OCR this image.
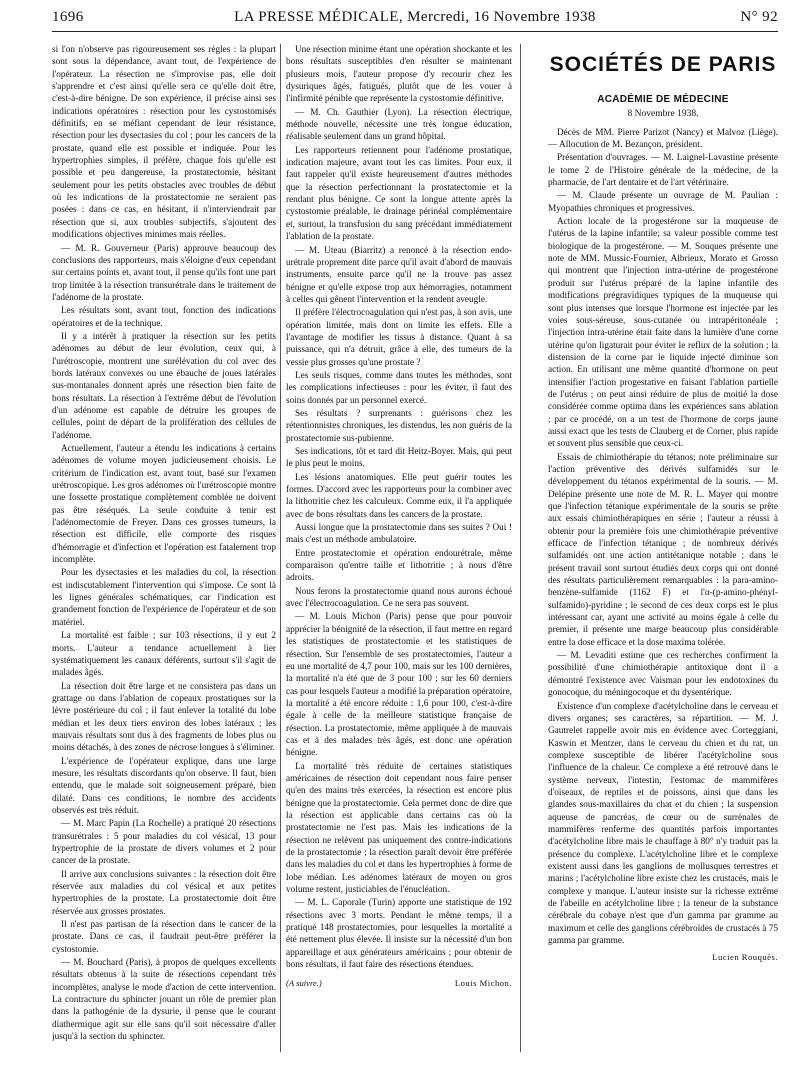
1696	LA PRESSE MÉDICALE, Mercredi, 16 Novembre 1938	N° 92

si l'on n'observe pas rigoureusement ses règles : la plupart sont sous la dépendance, avant tout, de l'expérience de l'opérateur. La résection ne s'improvise pas, elle doit s'apprendre et c'est ainsi qu'elle sera ce qu'elle doit être, c'est-à-dire bénigne. De son expérience, il précise ainsi ses indications opératoires : résection pour les cystostomisés définitifs, en se méfiant cependant de leur résistance, résection pour les dysectasies du col ; pour les cancers de la prostate, quand elle est possible et indiquée. Pour les hypertrophies simples, il préfère, chaque fois qu'elle est possible et peu dangereuse, la prostatectomie, hésitant seulement pour les petits obstacles avec troubles de début où les indications de la prostatectomie ne seraient pas posées : dans ce cas, en hésitant, il n'interviendrait par résection que si, aux troubles subjectifs, s'ajoutent des modifications objectives minimes mais réelles.

— M. R. Gouverneur (Paris) approuve beaucoup des conclusions des rapporteurs, mais s'éloigne d'eux cependant sur certains points et, avant tout, il pense qu'ils font une part trop limitée à la résection transurétrale dans le traitement de l'adénome de la prostate.

Les résultats sont, avant tout, fonction des indications opératoires et de la technique.

Il y a intérêt à pratiquer la résection sur les petits adénomes au début de leur évolution, ceux qui, à l'urétroscopie, montrent une surélévation du col avec des bords latéraux convexes ou une ébauche de joues latérales sus-montanales donnent après une résection bien faite de bons résultats. La résection à l'extrême début de l'évolution d'un adénome est capable de détruire les groupes de cellules, point de départ de la prolifération des cellules de l'adénome.

Actuellement, l'auteur a étendu les indications à certains adénomes de volume moyen judicieusement choisis. Le critérium de l'indication est, avant tout, basé sur l'examen urétroscopique. Les gros adénomes où l'urétroscopie montre une fossette prostatique complètement comblée ne doivent pas être réséqués. La seule conduite à tenir est l'adénomectomie de Freyer. Dans ces grosses tumeurs, la résection est difficile, elle comporte des risques d'hémorragie et d'infection et l'opération est fatalement trop incomplète.

Pour les dysectasies et les maladies du col, la résection est indiscutablement l'intervention qui s'impose. Ce sont là les lignes générales schématiques, car l'indication est grandement fonction de l'expérience de l'opérateur et de son matériel.

La mortalité est faible ; sur 103 résections, il y eut 2 morts. L'auteur a tendance actuellement à lier systématiquement les canaux déférents, surtout s'il s'agit de malades âgés.

La résection doit être large et ne consistera pas dans un grattage ou dans l'ablation de copeaux prostatiques sur la lèvre postérieure du col ; il faut enlever la totalité du lobe médian et les deux tiers environ des lobes latéraux ; les mauvais résultats sont dus à des fragments de lobes plus ou moins détachés, à des zones de nécrose longues à s'éliminer.

L'expérience de l'opérateur explique, dans une large mesure, les résultats discordants qu'on observe. Il faut, bien entendu, que le malade soit soigneusement préparé, bien dilaté. Dans ces conditions, le nombre des accidents observés est très réduit.

— M. Marc Papin (La Rochelle) a pratiqué 20 résections transurétrales : 5 pour maladies du col vésical, 13 pour hypertrophie de la prostate de divers volumes et 2 pour cancer de la prostate.

Il arrive aux conclusions suivantes : la résection doit être réservée aux maladies du col vésical et aux petites hypertrophies de la prostate. La prostatectomie doit être réservée aux grosses prostates.

Il n'est pas partisan de la résection dans le cancer de la prostate. Dans ce cas, il faudrait peut-être préférer la cystostomie.

— M. Bouchard (Paris), à propos de quelques excellents résultats obtenus à la suite de résections cependant très incomplètes, analyse le mode d'action de cette intervention. La contracture du sphincter jouant un rôle de premier plan dans la pathogénie de la dysurie, il pense que le courant diathermique agit sur elle sans qu'il soit nécessaire d'aller jusqu'à la section du sphincter.

Une résection minime étant une opération shockante et les bons résultats susceptibles d'en résulter se maintenant plusieurs mois, l'auteur propose d'y recourir chez les dysuriques âgés, fatigués, plutôt que de les vouer à l'infirmité pénible que représente la cystostomie définitive.

— M. Ch. Gauthier (Lyon). La résection électrique, méthode nouvelle, nécessite une très longue éducation, réalisable seulement dans un grand hôpital.

Les rapporteurs retiennent pour l'adénome prostatique, indication majeure, avant tout les cas limites. Pour eux, il faut rappeler qu'il existe heureusement d'autres méthodes que la résection perfectionnant la prostatectomie et la rendant plus bénigne. Ce sont la longue attente après la cystostomie préalable, le drainage périnéal complémentaire et, surtout, la transfusion du sang précédant immédiatement l'ablation de la prostate.

— M. Uteau (Biarritz) a renoncé à la résection endo-urétrale proprement dite parce qu'il avait d'abord de mauvais instruments, ensuite parce qu'il ne la trouve pas assez bénigne et qu'elle expose trop aux hémorragies, notamment à celles qui gênent l'intervention et la rendent aveugle.

Il préfère l'électrocoagulation qui n'est pas, à son avis, une opération limitée, mais dont on limite les effets. Elle a l'avantage de modifier les tissus à distance. Quant à sa puissance, qui n'a détruit, grâce à elle, des tumeurs de la vessie plus grosses qu'une prostate ?

Les seuls risques, comme dans toutes les méthodes, sont les complications infectieuses : pour les éviter, il faut des soins donnés par un personnel exercé.

Ses résultats ? surprenants : guérisons chez les rétentionnistes chroniques, les distendus, les non guéris de la prostatectomie sus-pubienne.

Ses indications, tôt et tard dit Heitz-Boyer. Mais, qui peut le plus peut le moins.

Les lésions anatomiques. Elle peut guérir toutes les formes. D'accord avec les rapporteurs pour la combiner avec la lithotritie chez les calculeux. Comme eux, il l'a appliquée avec de bons résultats dans les cancers de la prostate.

Aussi longue que la prostatectomie dans ses suites ? Oui ! mais c'est un méthode ambulatoire.

Entre prostatectomie et opération endourétrale, même comparaison qu'entre taille et lithotritie ; à nous d'être adroits.

Nous ferons la prostatectomie quand nous aurons échoué avec l'électrocoagulation. Ce ne sera pas souvent.

— M. Louis Michon (Paris) pense que pour pouvoir apprécier la bénignité de la résection, il faut mettre en regard les statistiques de prostatectomie et les statistiques de résection. Sur l'ensemble de ses prostatectomies, l'auteur a eu une mortalité de 4,7 pour 100, mais sur les 100 dernières, la mortalité n'a été que de 3 pour 100 ; sur les 60 derniers cas pour lesquels l'auteur a modifié la préparation opératoire, la mortalité a été encore réduite : 1,6 pour 100, c'est-à-dire égale à celle de la meilleure statistique française de résection. La prostatectomie, même appliquée à de mauvais cas et à des malades très âgés, est donc une opération bénigne.

La mortalité très réduite de certaines statistiques américaines de résection doit cependant nous faire penser qu'en des mains très exercées, la résection est encore plus bénigne que la prostatectomie. Cela permet donc de dire que la résection est applicable dans certains cas où la prostatectomie ne l'est pas. Mais les indications de la résection ne relèvent pas uniquement des contre-indications de la prostatectomie ; la résection paraît devoir être préférée dans les maladies du col et dans les hypertrophies à forme de lobe médian. Les adénomes latéraux de moyen ou gros volume restent, justiciables de l'énucléation.

— M. L. Caporale (Turin) apporte une statistique de 192 résections avec 3 morts. Pendant le même temps, il a pratiqué 148 prostatectomies, pour lesquelles la mortalité a été nettement plus élevée. Il insiste sur la nécessité d'un bon appareillage et aux générateurs américains ; pour obtenir de bons résultats, il faut faire des résections étendues.

(A suivre.)	Louis Michon.
SOCIÉTÉS DE PARIS
ACADÉMIE DE MÉDECINE
8 Novembre 1938.

Décès de MM. Pierre Parizot (Nancy) et Malvoz (Liège). — Allocution de M. Bezançon, président.

Présentation d'ouvrages. — M. Laignel-Lavastine présente le tome 2 de l'Histoire générale de la médecine, de la pharmacie, de l'art dentaire et de l'art vétérinaire.

— M. Claude présente un ouvrage de M. Paulian : Myopathies chroniques et progressives.

Action locale de la progestérone sur la muqueuse de l'utérus de la lapine infantile; sa valeur possible comme test biologique de la progestérone. — M. Souques présente une note de MM. Mussic-Fournier, Albrieux, Morato et Grosso qui montrent que l'injection intra-utérine de progestérone produit sur l'utérus préparé de la lapine infantile des modifications prégravidiques typiques de la muqueuse qui sont plus intenses que lorsque l'hormone est injectée par les voies sous-séreuse, sous-cutanée ou intrapéritonéale ; l'injection intra-utérine était faite dans la lumière d'une corne utérine qu'on ligaturait pour éviter le reflux de la solution ; la distension de la corne par le liquide injecté diminue son action. En utilisant une même quantité d'hormone on peut intensifier l'action progestative en faisant l'ablation partielle de l'utérus ; on peut ainsi réduire de plus de moitié la dose considérée comme optima dans les expériences sans ablation ; par ce procédé, on a un test de l'hormone de corps jaune aussi exact que les tests de Clauberg et de Corner, plus rapide et souvent plus sensible que ceux-ci.

Essais de chimiothérapie du tétanos; note préliminaire sur l'action préventive des dérivés sulfamidés sur le développement du tétanos expérimental de la souris. — M. Delépine présente une note de M. R. L. Mayer qui montre que l'infection tétanique expérimentale de la souris se prête aux essais chimiothérapiques en série ; l'auteur a réussi à obtenir pour la première fois une chimiothérapie préventive efficace de l'infection tétanique ; de nombreux dérivés sulfamidés ont une action antitétanique notable ; dans le présent travail sont surtout étudiés deux corps qui ont donné des résultats particulièrement remarquables : la para-amino-benzène-sulfamide (1162 F) et l'α-(p-amino-phényl-sulfamido)-pyridine ; le second de ces deux corps est le plus intéressant car, ayant une activité au moins égale à celle du premier, il présente une marge beaucoup plus considérable entre la dose efficace et la dose maxima tolérée.

— M. Levaditi estime que ces recherches confirment la possibilité d'une chimiothérapie antitoxique dont il a démontré l'existence avec Vaisman pour les endotoxines du gonocoque, du méningocoque et du dysentérique.

Existence d'un complexe d'acétylcholine dans le cerveau et divers organes; ses caractères, sa répartition. — M. J. Gautrelet rappelle avoir mis en évidence avec Corteggiani, Kaswin et Mentzer, dans le cerveau du chien et du rat, un complexe susceptible de libérer l'acétylcholine sous l'influence de la chaleur. Ce complexe a été retrouvé dans le système nerveux, l'intestin, l'estomac de mammifères d'oiseaux, de reptiles et de poissons, ainsi que dans les glandes sous-maxillaires du chat et du chien ; la suspension aqueuse de pancréas, de cœur ou de surrénales de mammifères renferme des quantités parfois importantes d'acétylcholine libre mais le chauffage à 80° n'y traduit pas la présence du complexe. L'acétylcholine libre et le complexe existent aussi dans les ganglions de mollusques terrestres et marins ; l'acétylcholine libre existe chez les crustacés, mais le complexe y manque. L'auteur insiste sur la richesse extrême de l'abeille en acétylcholine libre ; la teneur de la substance cérébrale du cobaye n'est que d'un gamma par gramme au maximum et celle des ganglions cérébroïdes de crustacés à 75 gamma par gramme.

Lucien Rouquès.
